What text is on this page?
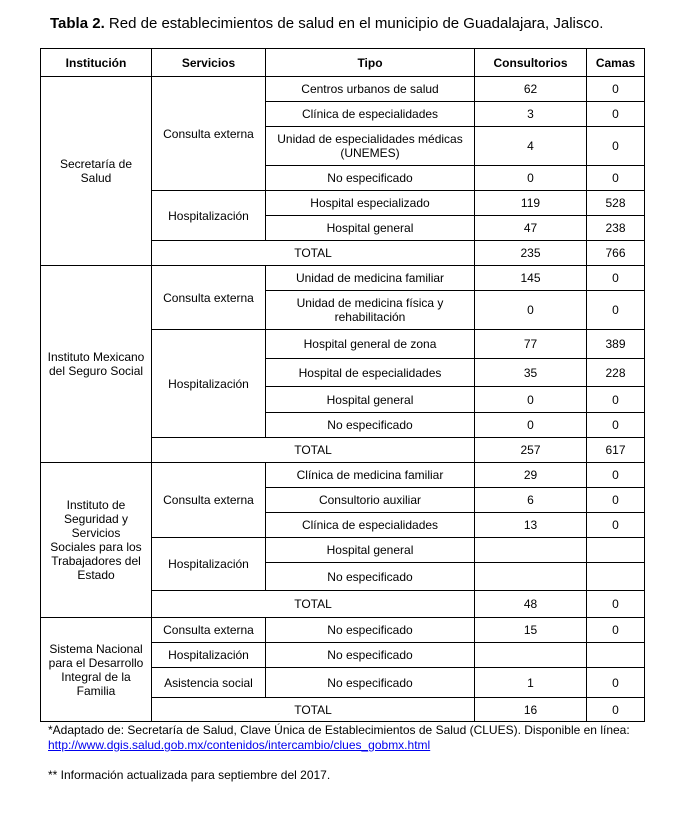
Tabla 2. Red de establecimientos de salud en el municipio de Guadalajara, Jalisco.
Institución	Servicios	Tipo	Consultorios	Camas
Secretaría de Salud	Consulta externa	Centros urbanos de salud	62	0
		Clínica de especialidades	3	0
		Unidad de especialidades médicas (UNEMES)	4	0
		No especificado	0	0
	Hospitalización	Hospital especializado	119	528
		Hospital general	47	238
	TOTAL		235	766
Instituto Mexicano del Seguro Social	Consulta externa	Unidad de medicina familiar	145	0
		Unidad de medicina física y rehabilitación	0	0
	Hospitalización	Hospital general de zona	77	389
		Hospital de especialidades	35	228
		Hospital general	0	0
		No especificado	0	0
	TOTAL		257	617
Instituto de Seguridad y Servicios Sociales para los Trabajadores del Estado	Consulta externa	Clínica de medicina familiar	29	0
		Consultorio auxiliar	6	0
		Clínica de especialidades	13	0
	Hospitalización	Hospital general		
		No especificado		
	TOTAL		48	0
Sistema Nacional para el Desarrollo Integral de la Familia	Consulta externa	No especificado	15	0
	Hospitalización	No especificado		
	Asistencia social	No especificado	1	0
	TOTAL		16	0
*Adaptado de: Secretaría de Salud, Clave Única de Establecimientos de Salud (CLUES). Disponible en línea:
http://www.dgis.salud.gob.mx/contenidos/intercambio/clues_gobmx.html
** Información actualizada para septiembre del 2017.
